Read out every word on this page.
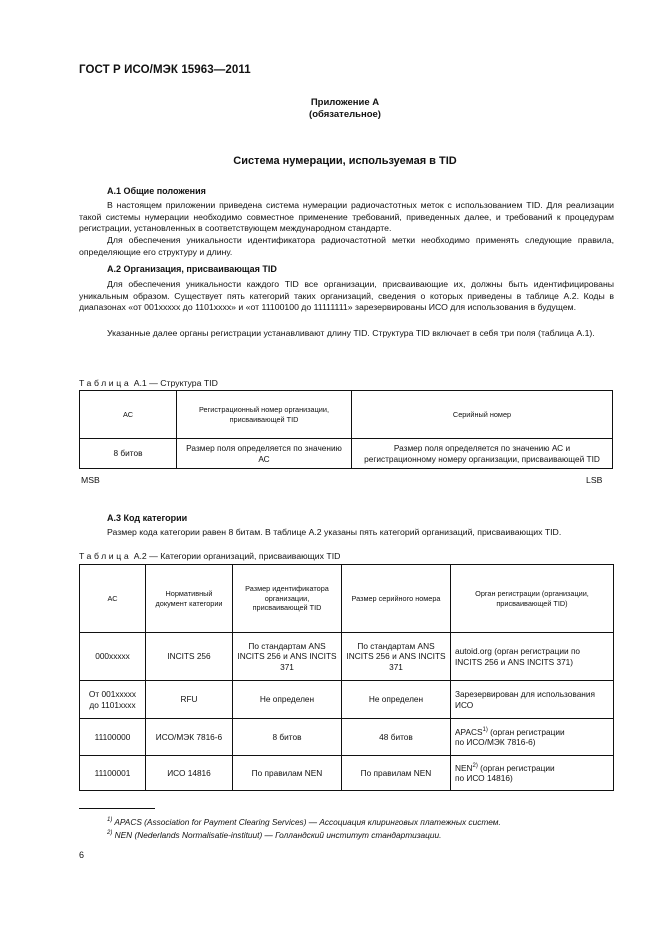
ГОСТ Р ИСО/МЭК 15963—2011
Приложение А
(обязательное)
Система нумерации, используемая в TID
А.1 Общие положения

В настоящем приложении приведена система нумерации радиочастотных меток с использованием TID. Для реализации такой системы нумерации необходимо совместное применение требований, приведенных далее, и требований к процедурам регистрации, установленных в соответствующем международном стандарте.

Для обеспечения уникальности идентификатора радиочастотной метки необходимо применять следующие правила, определяющие его структуру и длину.

А.2 Организация, присваивающая TID

Для обеспечения уникальности каждого TID все организации, присваивающие их, должны быть идентифицированы уникальным образом. Существует пять категорий таких организаций, сведения о которых приведены в таблице А.2. Коды в диапазонах «от 001xxxxx до 1101xxxx» и «от 11100100 до 11111111» зарезервированы ИСО для использования в будущем.

Указанные далее органы регистрации устанавливают длину TID. Структура TID включает в себя три поля (таблица А.1).

Таблица А.1 — Структура TID
АС	Регистрационный номер организации, присваивающей TID	Серийный номер
8 битов	Размер поля определяется по значению АС	Размер поля определяется по значению АС и регистрационному номеру организации, присваивающей TID
MSB	LSB
А.3 Код категории

Размер кода категории равен 8 битам. В таблице А.2 указаны пять категорий организаций, присваивающих TID.

Таблица А.2 — Категории организаций, присваивающих TID
АС	Нормативный документ категории	Размер идентификатора организации, присваивающей TID	Размер серийного номера	Орган регистрации (организации, присваивающей TID)
000xxxxx	INCITS 256	По стандартам ANS INCITS 256 и ANS INCITS 371	По стандартам ANS INCITS 256 и ANS INCITS 371	autoid.org (орган регистрации по INCITS 256 и ANS INCITS 371)
От 001xxxxx до 1101xxxx	RFU	Не определен	Не определен	Зарезервирован для использования ИСО
11100000	ИСО/МЭК 7816-6	8 битов	48 битов	APACS$^{1)}$ (орган регистрации
по ИСО/МЭК 7816-6)
11100001	ИСО 14816	По правилам NEN	По правилам NEN	NEN$^{2)}$ (орган регистрации
по ИСО 14816)
$^{1)}$ APACS (Association for Payment Clearing Services) — Ассоциация клиринговых платежных систем.
$^{2)}$ NEN (Nederlands Normalisatie-instituut) — Голландский институт стандартизации.
6
